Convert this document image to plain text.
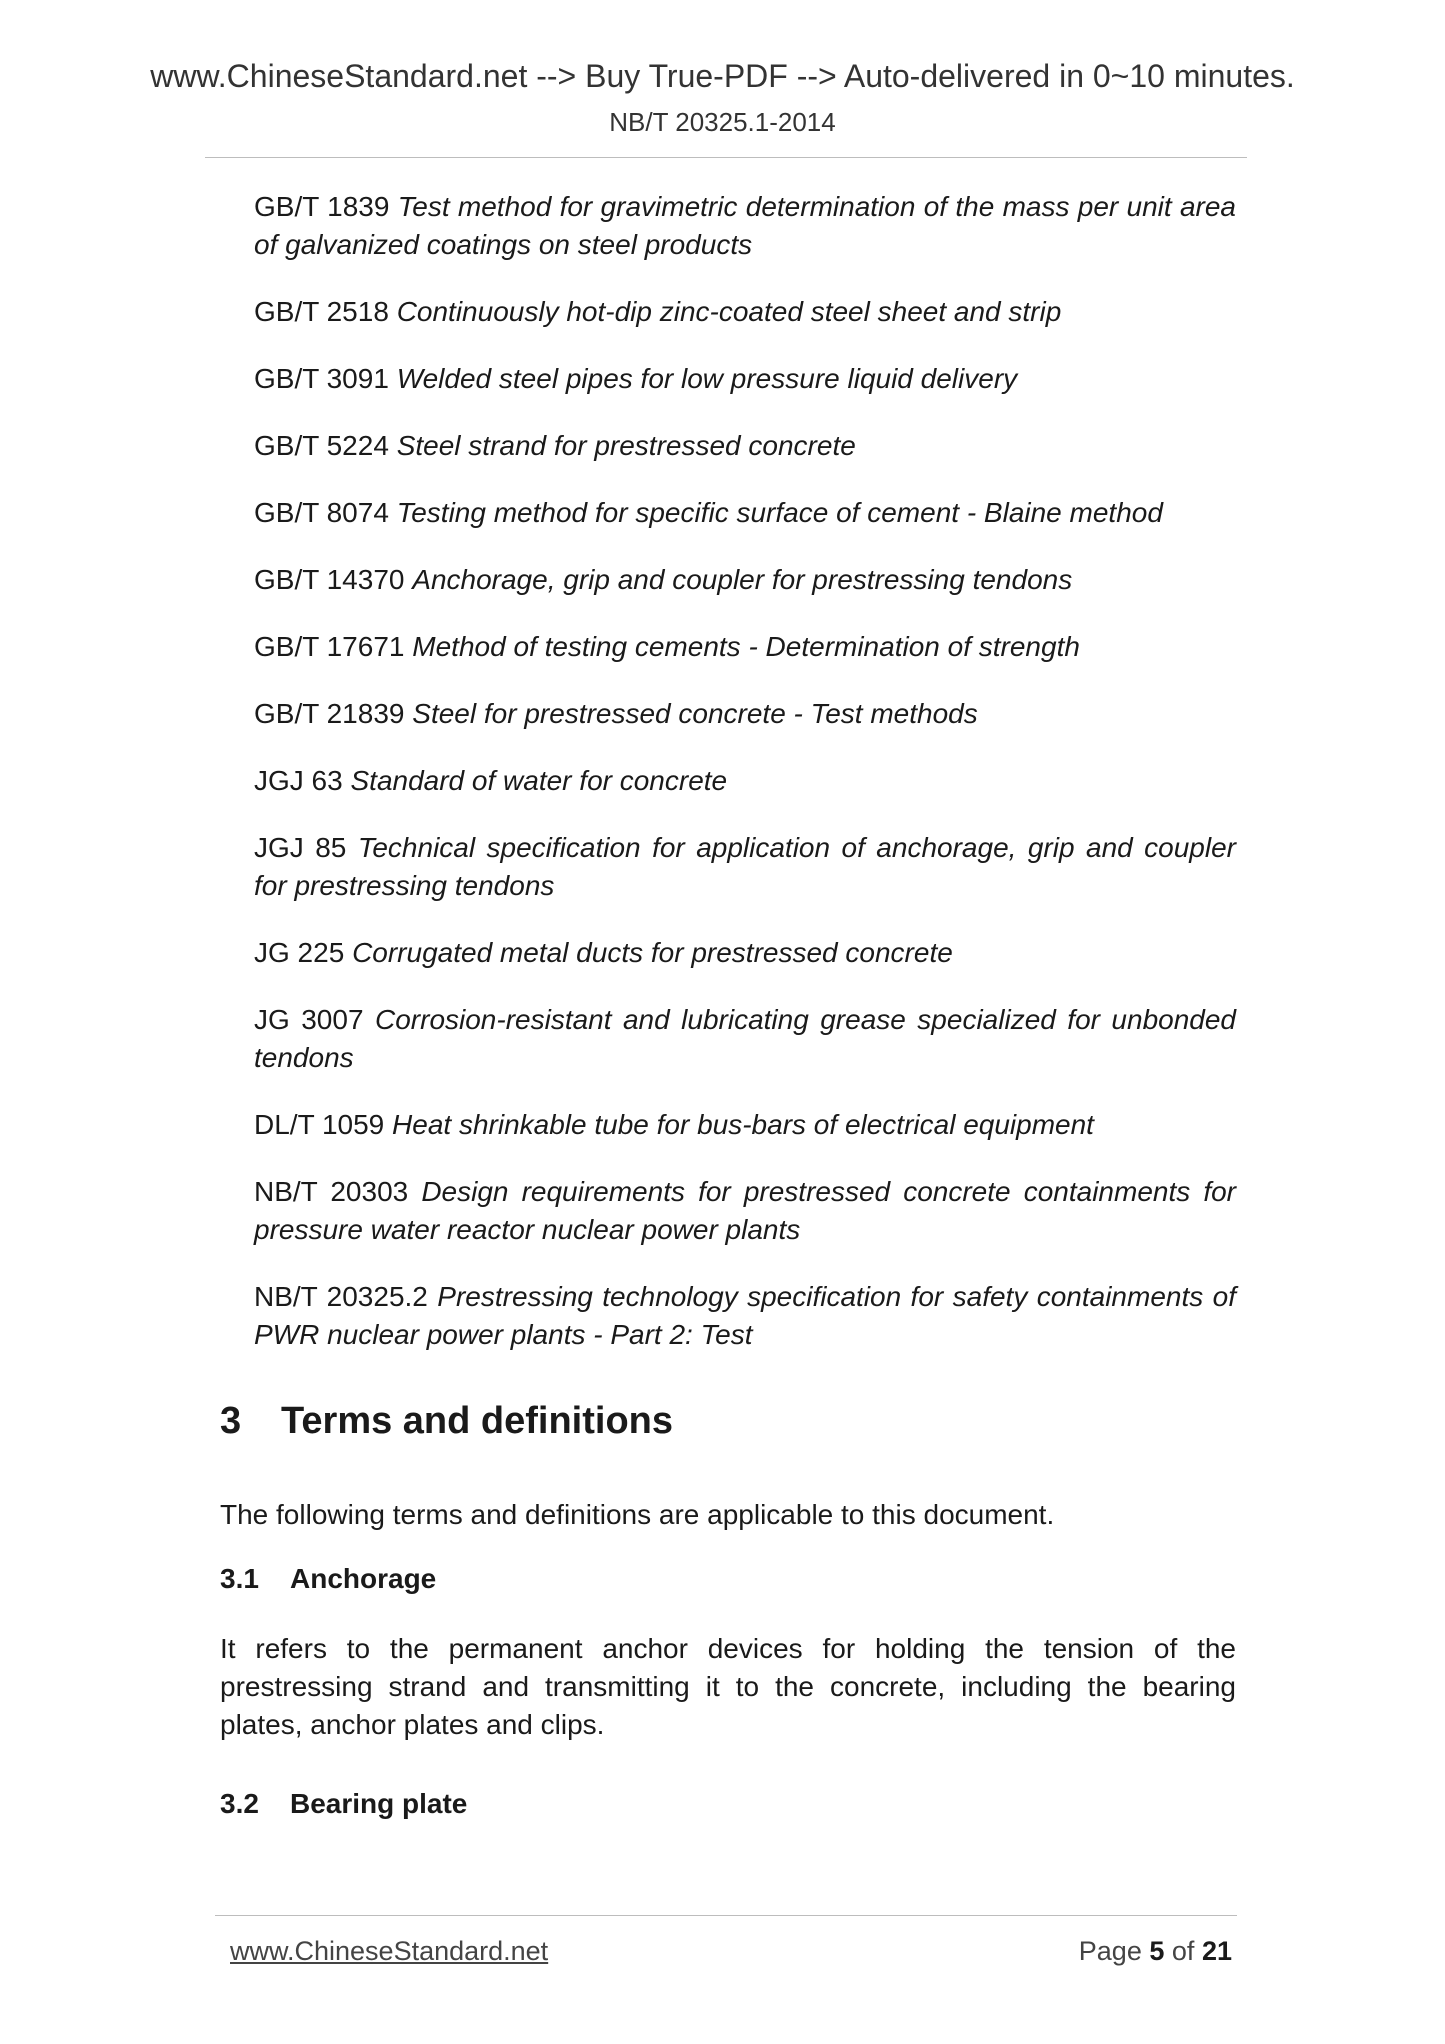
www.ChineseStandard.net --> Buy True-PDF --> Auto-delivered in 0~10 minutes.
NB/T 20325.1-2014

GB/T 1839 Test method for gravimetric determination of the mass per unit area of galvanized coatings on steel products

GB/T 2518 Continuously hot-dip zinc-coated steel sheet and strip

GB/T 3091 Welded steel pipes for low pressure liquid delivery

GB/T 5224 Steel strand for prestressed concrete

GB/T 8074 Testing method for specific surface of cement - Blaine method

GB/T 14370 Anchorage, grip and coupler for prestressing tendons

GB/T 17671 Method of testing cements - Determination of strength

GB/T 21839 Steel for prestressed concrete - Test methods

JGJ 63 Standard of water for concrete

JGJ 85 Technical specification for application of anchorage, grip and coupler for prestressing tendons

JG 225 Corrugated metal ducts for prestressed concrete

JG 3007 Corrosion-resistant and lubricating grease specialized for unbonded tendons

DL/T 1059 Heat shrinkable tube for bus-bars of electrical equipment

NB/T 20303 Design requirements for prestressed concrete containments for pressure water reactor nuclear power plants

NB/T 20325.2 Prestressing technology specification for safety containments of PWR nuclear power plants - Part 2: Test

3 Terms and definitions

The following terms and definitions are applicable to this document.

3.1 Anchorage

It refers to the permanent anchor devices for holding the tension of the prestressing strand and transmitting it to the concrete, including the bearing plates, anchor plates and clips.

3.2 Bearing plate
www.ChineseStandard.net	Page 5 of 21
